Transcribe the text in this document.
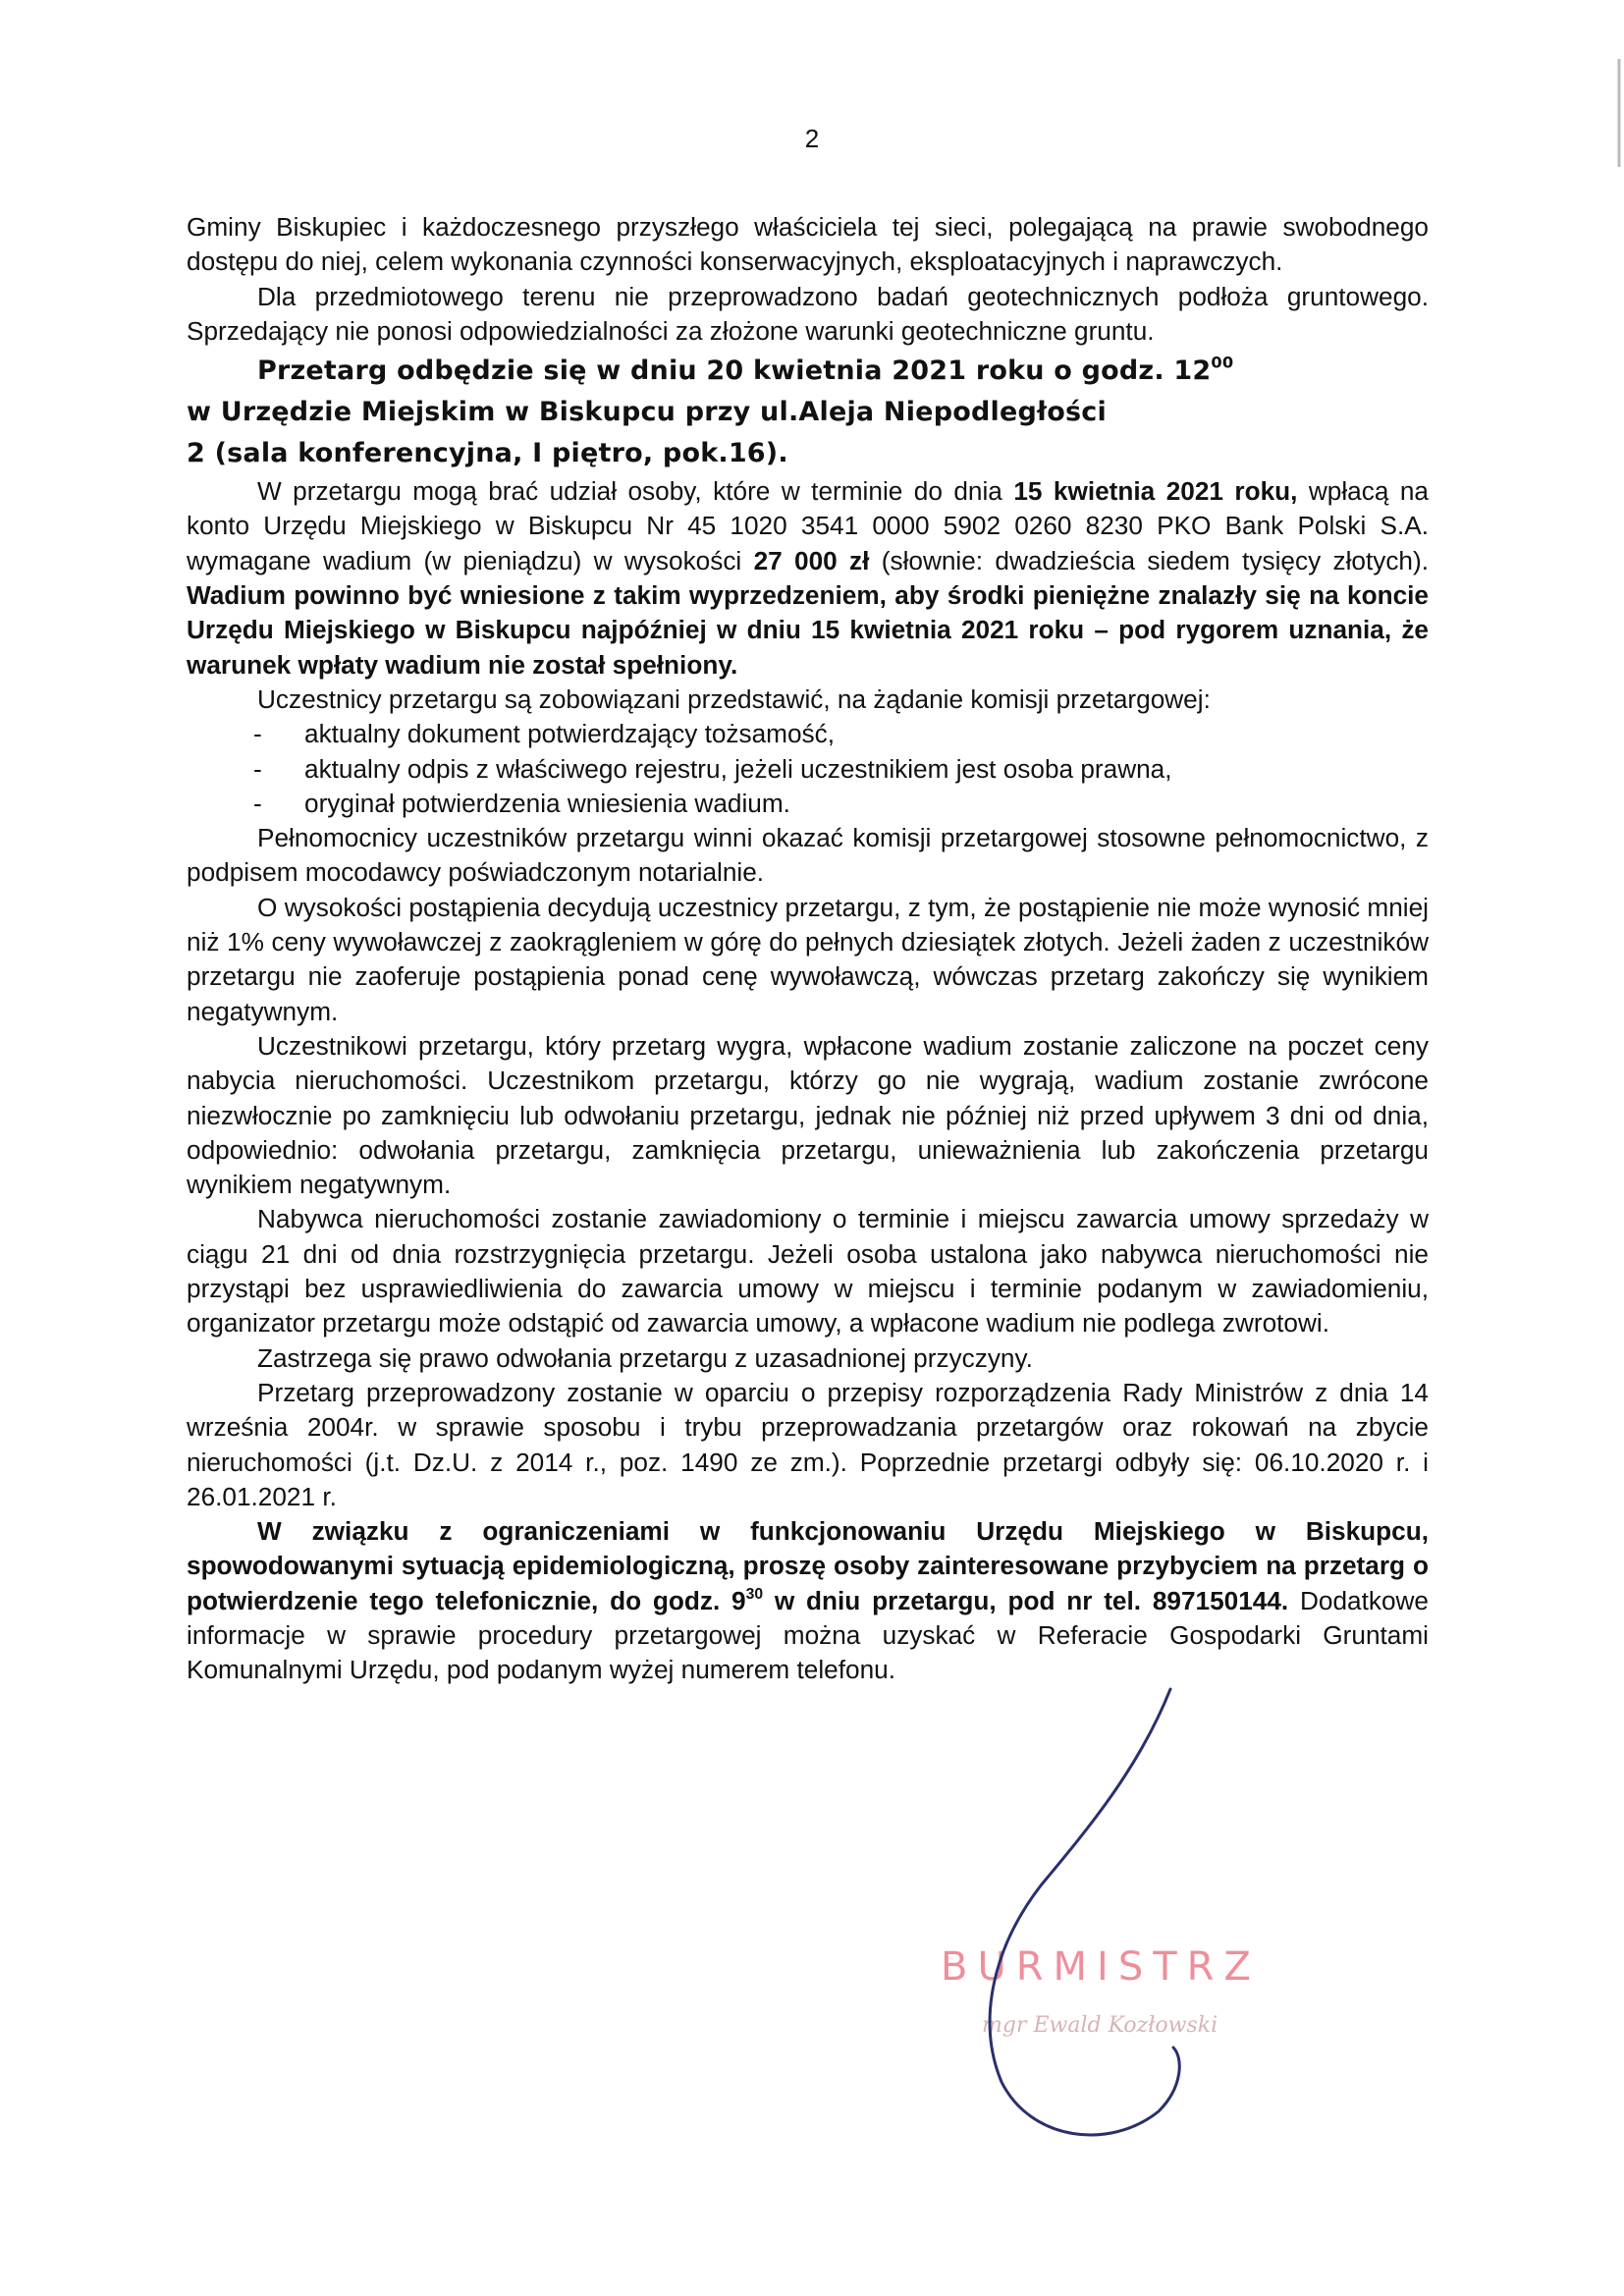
2

Gminy Biskupiec i każdoczesnego przyszłego właściciela tej sieci, polegającą na prawie swobodnego dostępu do niej, celem wykonania czynności konserwacyjnych, eksploatacyjnych i naprawczych.

Dla przedmiotowego terenu nie przeprowadzono badań geotechnicznych podłoża gruntowego. Sprzedający nie ponosi odpowiedzialności za złożone warunki geotechniczne gruntu.

Przetarg odbędzie się w dniu 20 kwietnia 2021 roku o godz. $12^{00}$

w Urzędzie Miejskim w Biskupcu przy ul.Aleja Niepodległości

2 (sala konferencyjna, I piętro, pok.16).

W przetargu mogą brać udział osoby, które w terminie do dnia 15 kwietnia 2021 roku, wpłacą na konto Urzędu Miejskiego w Biskupcu Nr 45 1020 3541 0000 5902 0260 8230 PKO Bank Polski S.A. wymagane wadium (w pieniądzu) w wysokości 27 000 zł (słownie: dwadzieścia siedem tysięcy złotych). Wadium powinno być wniesione z takim wyprzedzeniem, aby środki pieniężne znalazły się na koncie Urzędu Miejskiego w Biskupcu najpóźniej w dniu 15 kwietnia 2021 roku – pod rygorem uznania, że warunek wpłaty wadium nie został spełniony.

Uczestnicy przetargu są zobowiązani przedstawić, na żądanie komisji przetargowej:

- aktualny dokument potwierdzający tożsamość,
- aktualny odpis z właściwego rejestru, jeżeli uczestnikiem jest osoba prawna,
- oryginał potwierdzenia wniesienia wadium.

Pełnomocnicy uczestników przetargu winni okazać komisji przetargowej stosowne pełnomocnictwo, z podpisem mocodawcy poświadczonym notarialnie.

O wysokości postąpienia decydują uczestnicy przetargu, z tym, że postąpienie nie może wynosić mniej niż 1% ceny wywoławczej z zaokrągleniem w górę do pełnych dziesiątek złotych. Jeżeli żaden z uczestników przetargu nie zaoferuje postąpienia ponad cenę wywoławczą, wówczas przetarg zakończy się wynikiem negatywnym.

Uczestnikowi przetargu, który przetarg wygra, wpłacone wadium zostanie zaliczone na poczet ceny nabycia nieruchomości. Uczestnikom przetargu, którzy go nie wygrają, wadium zostanie zwrócone niezwłocznie po zamknięciu lub odwołaniu przetargu, jednak nie później niż przed upływem 3 dni od dnia, odpowiednio: odwołania przetargu, zamknięcia przetargu, unieważnienia lub zakończenia przetargu wynikiem negatywnym.

Nabywca nieruchomości zostanie zawiadomiony o terminie i miejscu zawarcia umowy sprzedaży w ciągu 21 dni od dnia rozstrzygnięcia przetargu. Jeżeli osoba ustalona jako nabywca nieruchomości nie przystąpi bez usprawiedliwienia do zawarcia umowy w miejscu i terminie podanym w zawiadomieniu, organizator przetargu może odstąpić od zawarcia umowy, a wpłacone wadium nie podlega zwrotowi.

Zastrzega się prawo odwołania przetargu z uzasadnionej przyczyny.

Przetarg przeprowadzony zostanie w oparciu o przepisy rozporządzenia Rady Ministrów z dnia 14 września 2004r. w sprawie sposobu i trybu przeprowadzania przetargów oraz rokowań na zbycie nieruchomości (j.t. Dz.U. z 2014 r., poz. 1490 ze zm.). Poprzednie przetargi odbyły się: 06.10.2020 r. i 26.01.2021 r.

W związku z ograniczeniami w funkcjonowaniu Urzędu Miejskiego w Biskupcu, spowodowanymi sytuacją epidemiologiczną, proszę osoby zainteresowane przybyciem na przetarg o potwierdzenie tego telefonicznie, do godz. $9^{30}$ w dniu przetargu, pod nr tel. 897150144. Dodatkowe informacje w sprawie procedury przetargowej można uzyskać w Referacie Gospodarki Gruntami Komunalnymi Urzędu, pod podanym wyżej numerem telefonu.

BURMISTRZ
mgr Ewald Kozłowski
